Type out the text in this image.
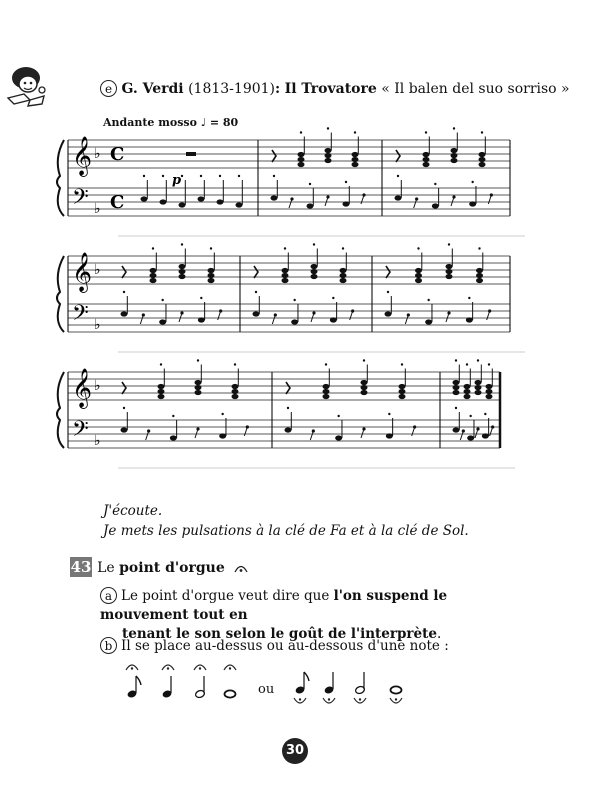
e G. Verdi (1813-1901): Il Trovatore « Il balen del suo sorriso »
Andante mosso ♩ = 80
𝄞
𝄢
♭
♭
C
C
p
𝄞
𝄢
♭
♭
𝄞
𝄢
♭
♭
J'écoute.
Je mets les pulsations à la clé de Fa et à la clé de Sol.
43 Le point d'orgue
a Le point d'orgue veut dire que l'on suspend le mouvement tout en
tenant le son selon le goût de l'interprète.
b Il se place au-dessus ou au-dessous d'une note :
ou
30
